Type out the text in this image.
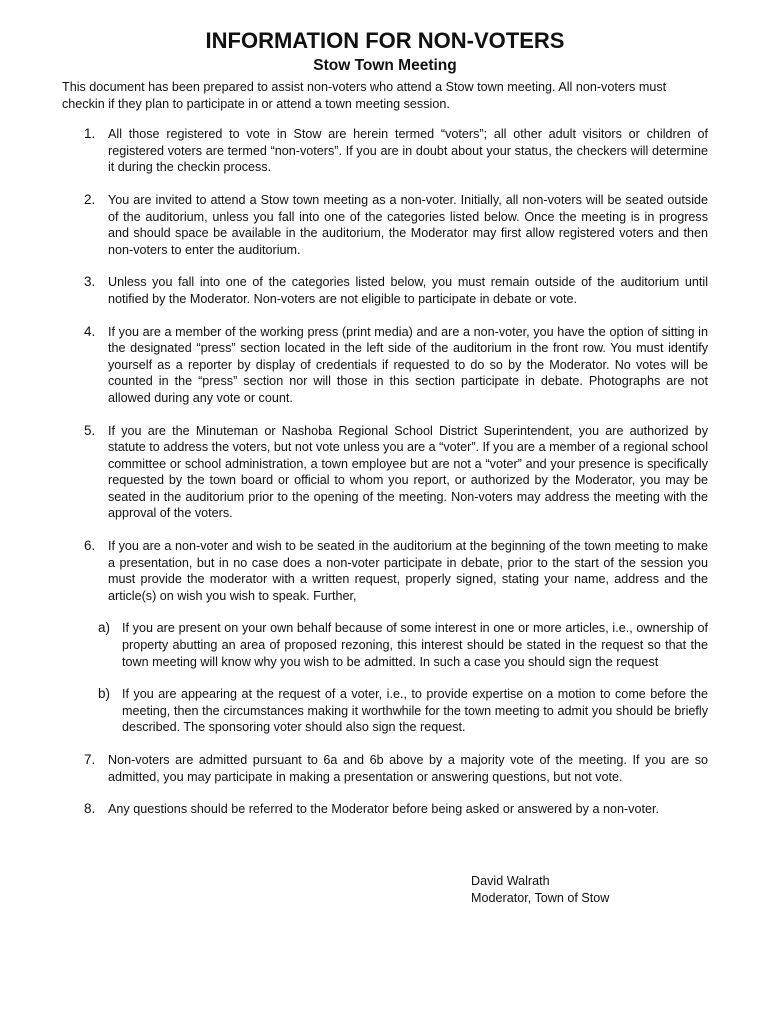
INFORMATION FOR NON-VOTERS
Stow Town Meeting

This document has been prepared to assist non-voters who attend a Stow town meeting. All non-voters must checkin if they plan to participate in or attend a town meeting session.

1. All those registered to vote in Stow are herein termed “voters”; all other adult visitors or children of registered voters are termed “non-voters”. If you are in doubt about your status, the checkers will determine it during the checkin process.
2. You are invited to attend a Stow town meeting as a non-voter. Initially, all non-voters will be seated outside of the auditorium, unless you fall into one of the categories listed below. Once the meeting is in progress and should space be available in the auditorium, the Moderator may first allow registered voters and then non-voters to enter the auditorium.
3. Unless you fall into one of the categories listed below, you must remain outside of the auditorium until notified by the Moderator. Non-voters are not eligible to participate in debate or vote.
4. If you are a member of the working press (print media) and are a non-voter, you have the option of sitting in the designated “press” section located in the left side of the auditorium in the front row. You must identify yourself as a reporter by display of credentials if requested to do so by the Moderator. No votes will be counted in the “press” section nor will those in this section participate in debate. Photographs are not allowed during any vote or count.
5. If you are the Minuteman or Nashoba Regional School District Superintendent, you are authorized by statute to address the voters, but not vote unless you are a “voter”. If you are a member of a regional school committee or school administration, a town employee but are not a “voter” and your presence is specifically requested by the town board or official to whom you report, or authorized by the Moderator, you may be seated in the auditorium prior to the opening of the meeting. Non-voters may address the meeting with the approval of the voters.
6. If you are a non-voter and wish to be seated in the auditorium at the beginning of the town meeting to make a presentation, but in no case does a non-voter participate in debate, prior to the start of the session you must provide the moderator with a written request, properly signed, stating your name, address and the article(s) on wish you wish to speak. Further,
a) If you are present on your own behalf because of some interest in one or more articles, i.e., ownership of property abutting an area of proposed rezoning, this interest should be stated in the request so that the town meeting will know why you wish to be admitted. In such a case you should sign the request
b) If you are appearing at the request of a voter, i.e., to provide expertise on a motion to come before the meeting, then the circumstances making it worthwhile for the town meeting to admit you should be briefly described. The sponsoring voter should also sign the request.
7. Non-voters are admitted pursuant to 6a and 6b above by a majority vote of the meeting. If you are so admitted, you may participate in making a presentation or answering questions, but not vote.
8. Any questions should be referred to the Moderator before being asked or answered by a non-voter.
David Walrath
Moderator, Town of Stow
